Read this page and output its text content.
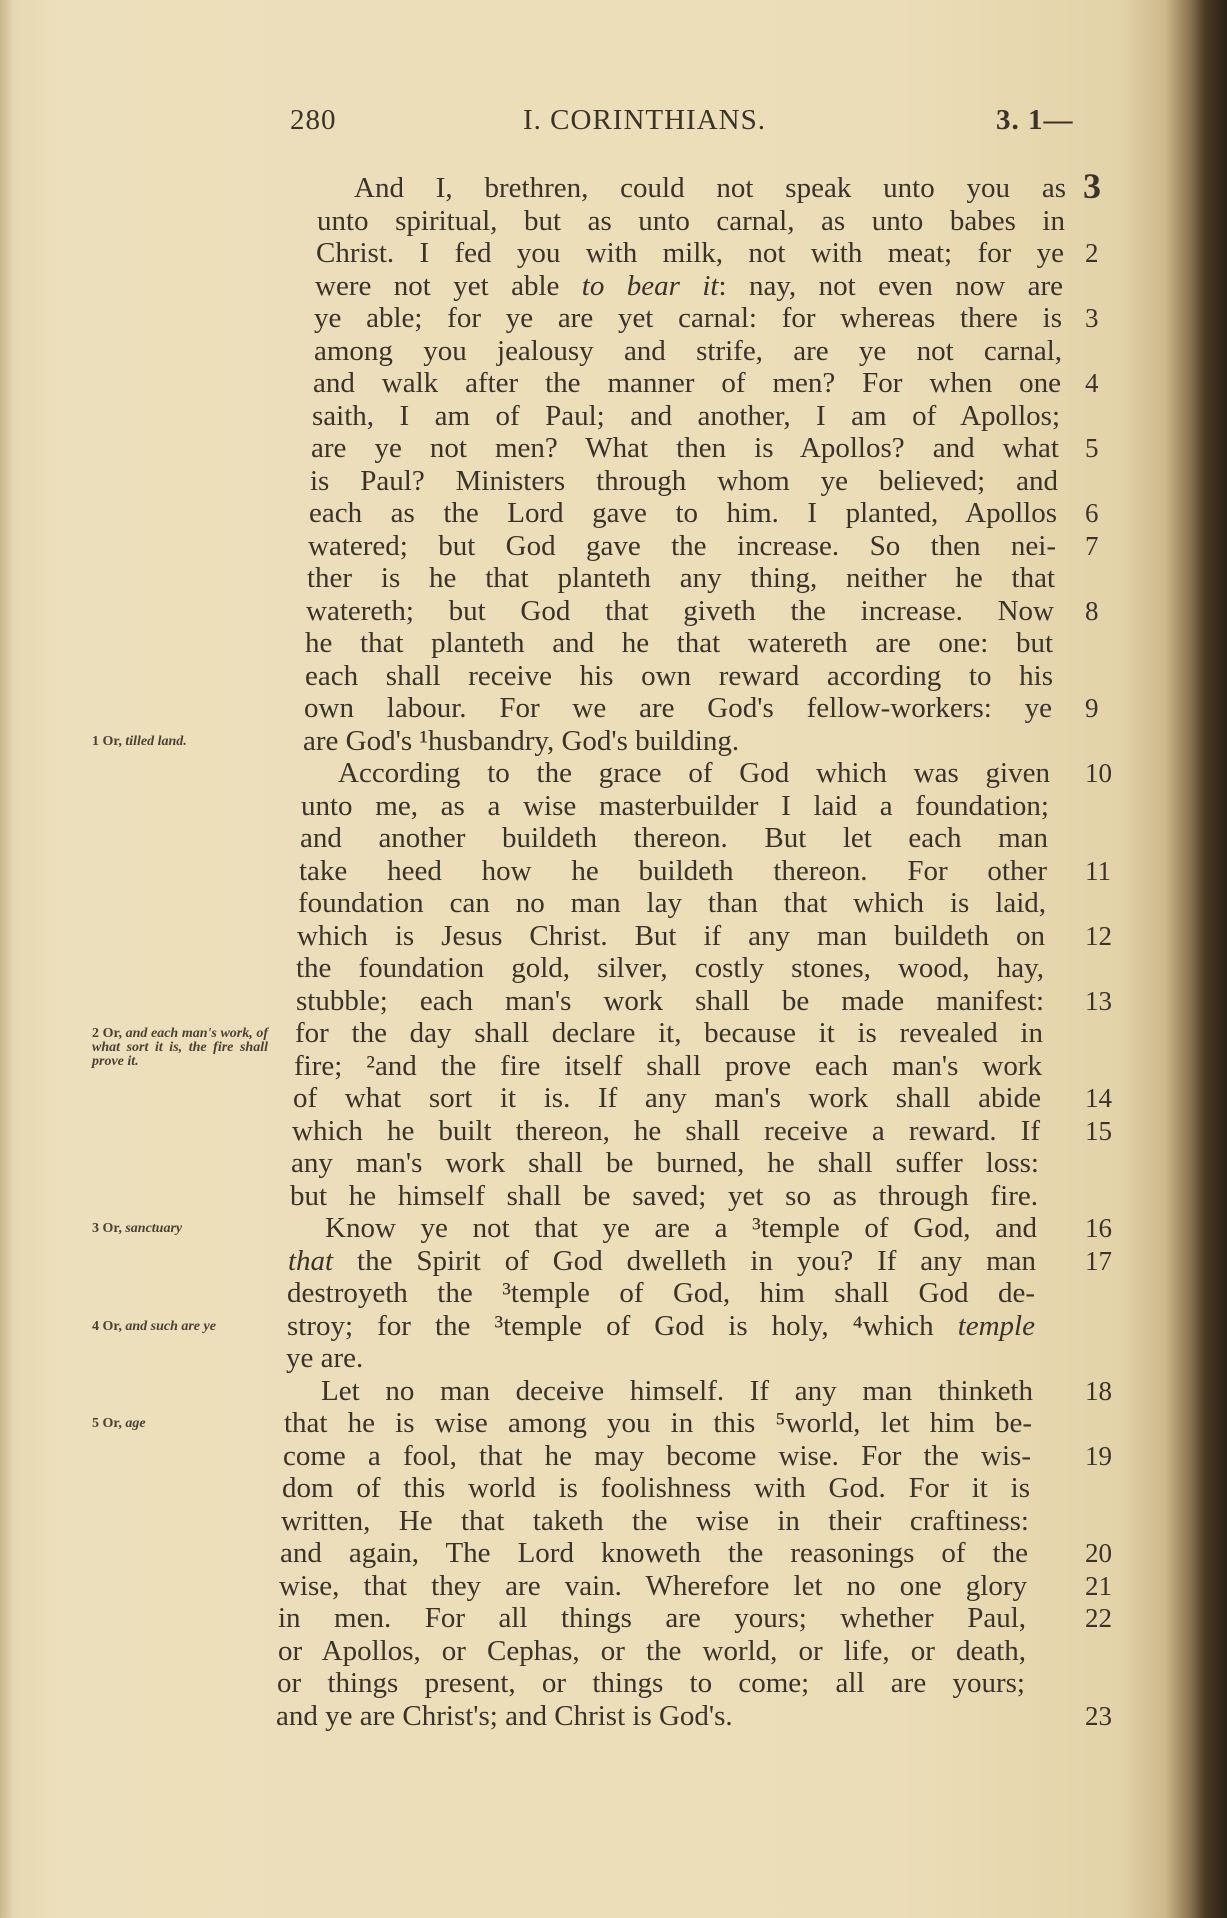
280	I. CORINTHIANS.	3. 1—
And I, brethren, could not speak unto you as 3
unto spiritual, but as unto carnal, as unto babes in
Christ. I fed you with milk, not with meat; for ye 2
were not yet able to bear it: nay, not even now are
ye able; for ye are yet carnal: for whereas there is 3
among you jealousy and strife, are ye not carnal,
and walk after the manner of men? For when one 4
saith, I am of Paul; and another, I am of Apollos;
are ye not men? What then is Apollos? and what 5
is Paul? Ministers through whom ye believed; and
each as the Lord gave to him. I planted, Apollos 6
watered; but God gave the increase. So then nei- 7
ther is he that planteth any thing, neither he that
watereth; but God that giveth the increase. Now 8
he that planteth and he that watereth are one: but
each shall receive his own reward according to his
own labour. For we are God's fellow-workers: ye 9
are God's ¹husbandry, God's building.
According to the grace of God which was given 10
unto me, as a wise masterbuilder I laid a foundation;
and another buildeth thereon. But let each man
take heed how he buildeth thereon. For other 11
foundation can no man lay than that which is laid,
which is Jesus Christ. But if any man buildeth on 12
the foundation gold, silver, costly stones, wood, hay,
stubble; each man's work shall be made manifest: 13
for the day shall declare it, because it is revealed in
fire; ²and the fire itself shall prove each man's work
of what sort it is. If any man's work shall abide 14
which he built thereon, he shall receive a reward. If 15
any man's work shall be burned, he shall suffer loss:
but he himself shall be saved; yet so as through fire.
Know ye not that ye are a ³temple of God, and 16
that the Spirit of God dwelleth in you? If any man 17
destroyeth the ³temple of God, him shall God de-
stroy; for the ³temple of God is holy, ⁴which temple
ye are.
Let no man deceive himself. If any man thinketh 18
that he is wise among you in this ⁵world, let him be-
come a fool, that he may become wise. For the wis- 19
dom of this world is foolishness with God. For it is
written, He that taketh the wise in their craftiness:
and again, The Lord knoweth the reasonings of the 20
wise, that they are vain. Wherefore let no one glory 21
in men. For all things are yours; whether Paul, 22
or Apollos, or Cephas, or the world, or life, or death,
or things present, or things to come; all are yours;
and ye are Christ's; and Christ is God's.	23
1 Or, tilled land.
2 Or, and each man's work, of what sort it is, the fire shall prove it.
3 Or, sanctuary
4 Or, and such are ye
5 Or, age
